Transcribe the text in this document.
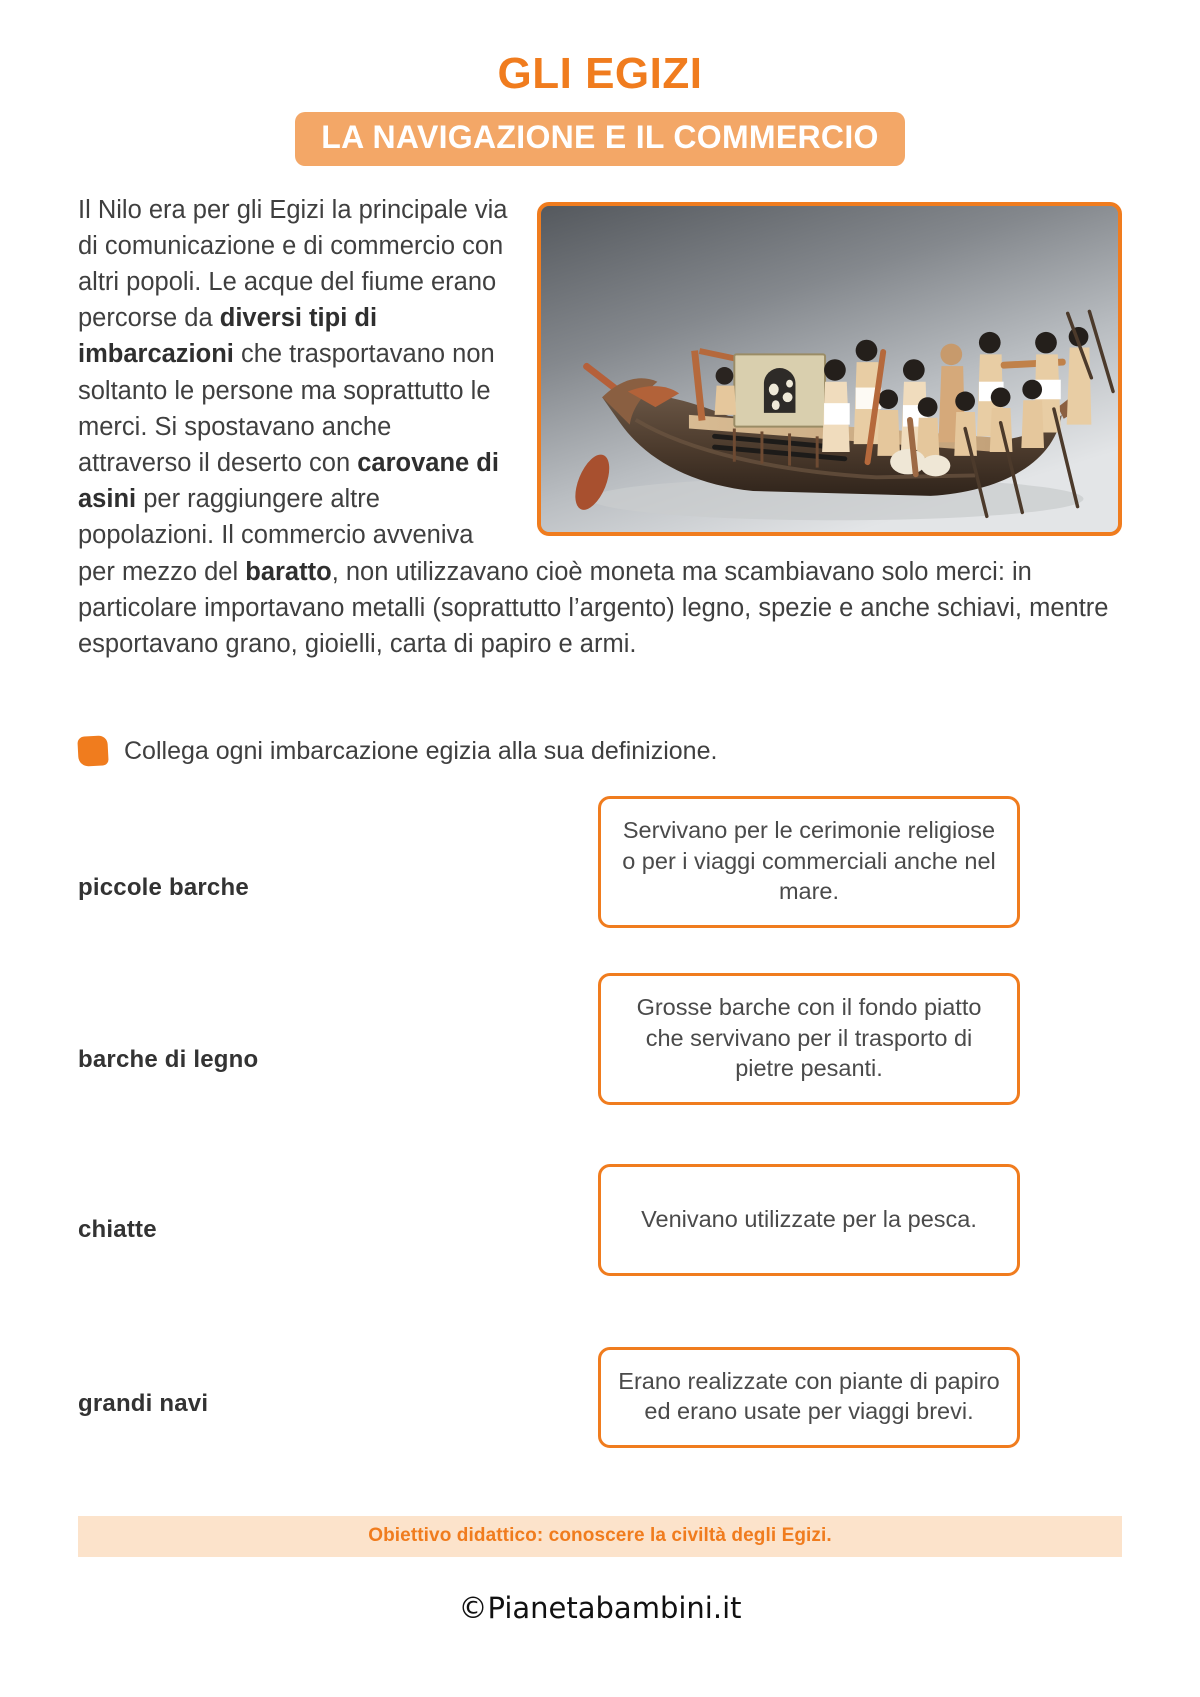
GLI EGIZI
LA NAVIGAZIONE E IL COMMERCIO
Il Nilo era per gli Egizi la principale via di comunicazione e di commercio con altri popoli. Le acque del fiume erano percorse da diversi tipi di imbarcazioni che trasportavano non soltanto le persone ma soprattutto le merci. Si spostavano anche attraverso il deserto con carovane di asini per raggiungere altre popolazioni. Il commercio avveniva per mezzo del baratto, non utilizzavano cioè moneta ma scambiavano solo merci: in particolare importavano metalli (soprattutto l’argento) legno, spezie e anche schiavi, mentre esportavano grano, gioielli, carta di papiro e armi.
Collega ogni imbarcazione egizia alla sua definizione.
piccole barche
Servivano per le cerimonie religiose o per i viaggi commerciali anche nel mare.
barche di legno
Grosse barche con il fondo piatto che servivano per il trasporto di pietre pesanti.
chiatte	Venivano utilizzate per la pesca.
grandi navi
Erano realizzate con piante di papiro ed erano usate per viaggi brevi.
Obiettivo didattico: conoscere la civiltà degli Egizi.
©Pianetabambini.it
